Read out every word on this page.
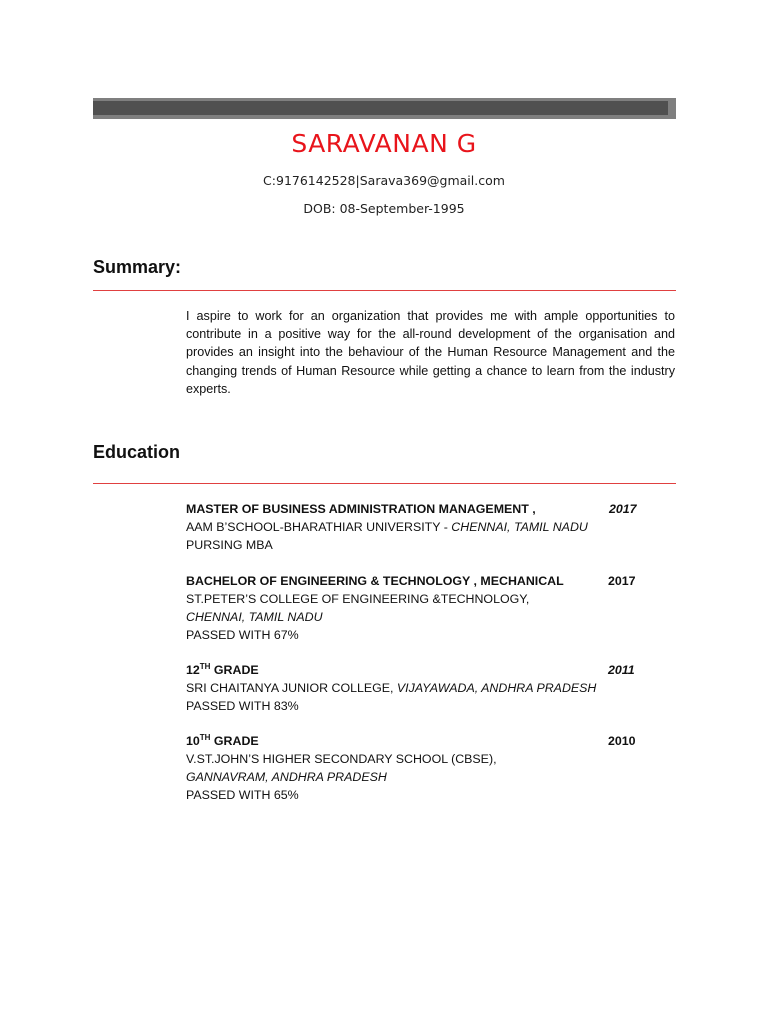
SARAVANAN G
C:9176142528|Sarava369@gmail.com
DOB: 08-September-1995
Summary:
I aspire to work for an organization that provides me with ample opportunities to contribute in a positive way for the all-round development of the organisation and provides an insight into the behaviour of the Human Resource Management and the changing trends of Human Resource while getting a chance to learn from the industry experts.
Education
MASTER OF BUSINESS ADMINISTRATION MANAGEMENT ,	2017
AAM B’SCHOOL-BHARATHIAR UNIVERSITY - CHENNAI, TAMIL NADU
PURSING MBA
BACHELOR OF ENGINEERING & TECHNOLOGY , MECHANICAL	2017
ST.PETER’S COLLEGE OF ENGINEERING &TECHNOLOGY,
CHENNAI, TAMIL NADU
PASSED WITH 67%
12TH GRADE	2011
SRI CHAITANYA JUNIOR COLLEGE, VIJAYAWADA, ANDHRA PRADESH
PASSED WITH 83%
10TH GRADE	2010
V.ST.JOHN’S HIGHER SECONDARY SCHOOL (CBSE),
GANNAVRAM, ANDHRA PRADESH
PASSED WITH 65%
